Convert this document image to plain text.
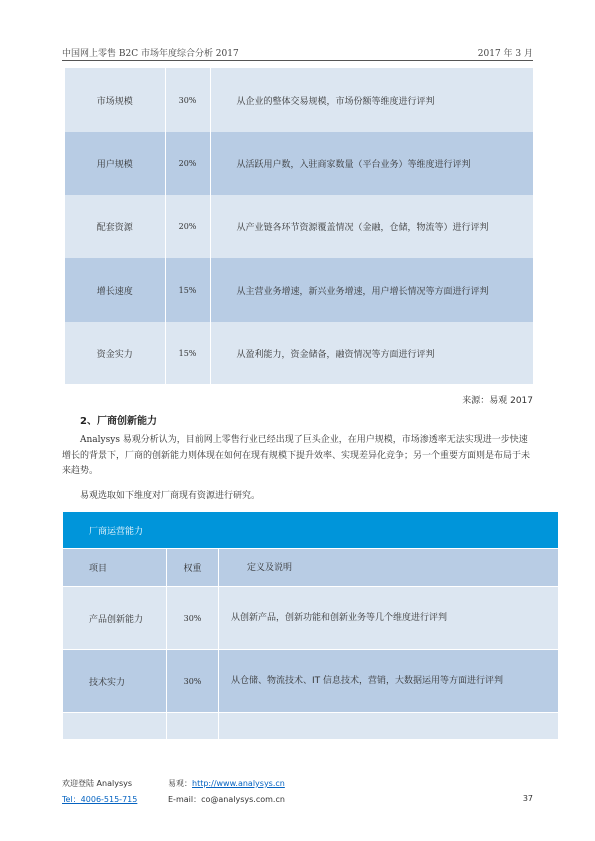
中国网上零售 B2C 市场年度综合分析 2017	2017 年 3 月
市场规模	30%	从企业的整体交易规模，市场份额等维度进行评判
用户规模	20%	从活跃用户数，入驻商家数量（平台业务）等维度进行评判
配套资源	20%	从产业链各环节资源覆盖情况（金融，仓储，物流等）进行评判
增长速度	15%	从主营业务增速，新兴业务增速，用户增长情况等方面进行评判
资金实力	15%	从盈利能力，资金储备，融资情况等方面进行评判
来源：易观 2017
2、厂商创新能力

Analysys 易观分析认为，目前网上零售行业已经出现了巨头企业，在用户规模，市场渗透率无法实现进一步快速增长的背景下，厂商的创新能力则体现在如何在现有规模下提升效率、实现差异化竞争；另一个重要方面则是布局于未来趋势。

易观选取如下维度对厂商现有资源进行研究。
厂商运营能力		
项目	权重	定义及说明
产品创新能力	30%	从创新产品，创新功能和创新业务等几个维度进行评判
技术实力	30%	从仓储、物流技术、IT 信息技术，营销，大数据运用等方面进行评判

欢迎登陆 Analysys	易观：http://www.analysys.cn
Tel：4006-515-715	E-mail：co@analysys.com.cn	37
